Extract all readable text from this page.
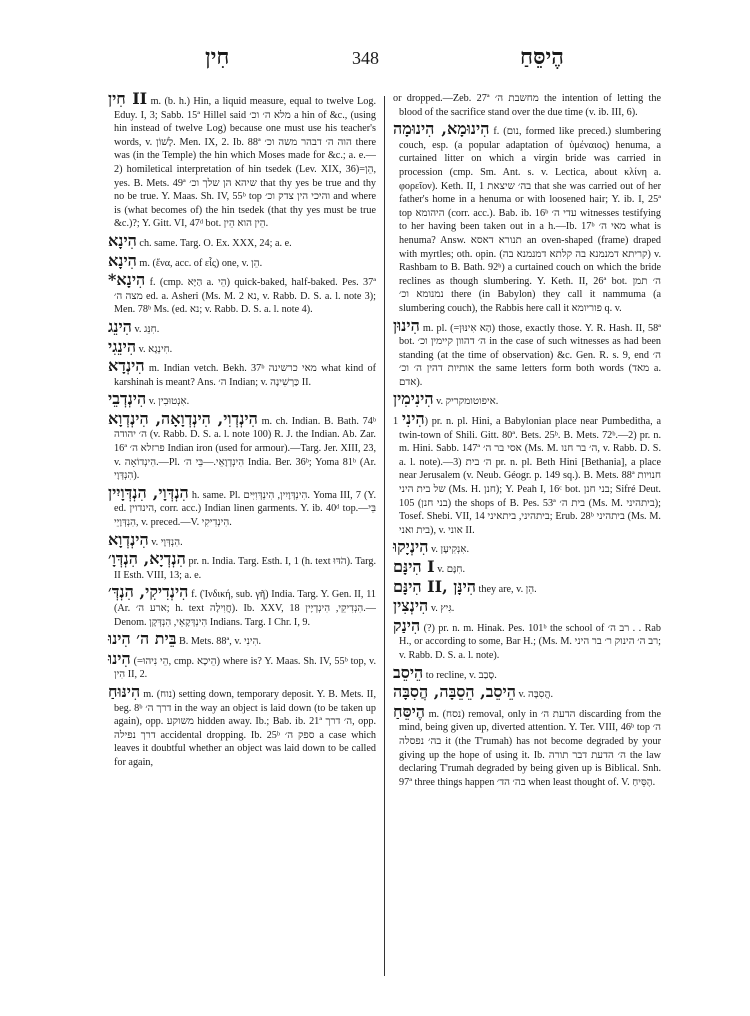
חִין	348	הֶיסֵּחַ
חִין II m. (b. h.) Hin, a liquid measure, equal to twelve Log. Eduy. I, 3; Sabb. 15ª Hillel said מלא ה׳ וכ׳ a hin of &c., (using hin instead of twelve Log) because one must use his teacher's words, v. לָשׁוֹן. Men. IX, 2. Ib. 88ª הוה ה׳ דבהר משה וכ׳ there was (in the Temple) the hin which Moses made for &c.; a. e.—2) homiletical interpretation of hin tsedek (Lev. XIX, 36)=הֵן, yes. B. Mets. 49ª שיהא הן שלך וכ׳ that thy yes be true and thy no be true. Y. Maas. Sh. IV, 55ᵇ top והיכי הין צדק וכ׳ and where is (what becomes of) the hin tsedek (that thy yes must be true &c.)?; Y. Gitt. VI, 47ᵈ bot. הֵין הוא הֵין.
הִינָא ch. same. Targ. O. Ex. XXX, 24; a. e.
הִינָא m. (ἕνα, acc. of εἷς) one, v. הֵן.
*הִינָא f. (cmp. הַיָּא a. הֵי) quick-baked, half-baked. Pes. 37ª מצה ה׳ ed. a. Asheri (Ms. M. 2 נא, v. Rabb. D. S. a. l. note 3); Men. 78ᵇ Ms. (ed. נא; v. Rabb. D. S. a. l. note 4).
הִינֵג v. חִנֵּג.
הִינֵגִי v. חִינְגָא.
הִינְדָא m. Indian vetch. Bekh. 37ᵇ מאי כרשינה what kind of karshinah is meant? Ans. ה׳ Indian; v. כַּרְשִׁינָה II.
הִינְדְבֵי v. אִנְטוּבִין.
הִינְדְוִי, הִינְדְוָאָה, הִינְדְוָא m. ch. Indian. B. Bath. 74ᵇ ה׳ יהודה (v. Rabb. D. S. a. l. note 100) R. J. the Indian. Ab. Zar. 16ª פרזלא ה׳ Indian iron (used for armour).—Targ. Jer. XIII, 23, v. הִינְדוֹאָה.—Pl. הִינְדְוָאֵי.—בֵּי ה׳ India. Ber. 36ᵇ; Yoma 81ᵇ (Ar. הִנְדְּוָי).
הִנְדְּוָי, הִנְדְּוָיִין h. same. Pl. הִינְדְּוָיִין, הִינְדְּוִיִּים. Yoma III, 7 (Y. ed. הינדוין, corr. acc.) Indian linen garments. Y. ib. 40ᵈ top.—בֵּי הִנְדְּוָיֵי, v. preced.—V. הִינְדִיקִי.
הִינְדְוָא v. הִנְדְּוָי.
הִנְדְיָא, הִנְדְּוָ׳ pr. n. India. Targ. Esth. I, 1 (h. text הֹדּוּ). Targ. II Esth. VIII, 13; a. e.
הִינְדִיקִי, הִנְדְּ׳ f. (Ἰνδική, sub. γῆ) India. Targ. Y. Gen. II, 11 (Ar. ארע ה׳; h. text חֲוִילָה). Ib. XXV, 18 הִנְדִיקֵי, הִינְדְיָין.—Denom. הִינְדְּקָאֵי, הִנְדְּקָן Indians. Targ. I Chr. I, 9.
בֵּית ה׳ הִינוּ B. Mets. 88ª, v. הִינִי.
הִינוּ (=הֵי נִיהוּ, cmp. הֵיכָא) where is? Y. Maas. Sh. IV, 55ᵇ top, v. הִין II, 2.
הִינּוּחַ m. (נוח) setting down, temporary deposit. Y. B. Mets. II, beg. 8ᵇ דרך ה׳ in the way an object is laid down (to be taken up again), opp. משוקע hidden away. Ib.; Bab. ib. 21ª ה׳ דרך, opp. דרך נפילה accidental dropping. Ib. 25ᵇ ספק ה׳ a case which leaves it doubtful whether an object was laid down to be called for again,
or dropped.—Zeb. 27ª מחשבת ה׳ the intention of letting the blood of the sacrifice stand over the due time (v. ib. III, 6).
הִינוּמָא, הִינוּמָה f. (נום, formed like preced.) slumbering couch, esp. (a popular adaptation of ὑμέναιος) henuma, a curtained litter on which a virgin bride was carried in procession (cmp. Sm. Ant. s. v. Lectica, about κλίνη a. φορεῖον). Keth. II, 1 בה׳ שיצאת that she was carried out of her father's home in a henuma or with loosened hair; Y. ib. I, 25ª top היהומא (corr. acc.). Bab. ib. 16ᵇ עדי ה׳ witnesses testifying to her having been taken out in a h.—Ib. 17ᵇ מאי ה׳ what is henuma? Answ. תנורא דאסא an oven-shaped (frame) draped with myrtles; oth. opin. (קריתא דמנמנא בה קלתא דמנמנא בה) v. Rashbam to B. Bath. 92ᵇ) a curtained couch on which the bride reclines as though slumbering. Y. Keth. II, 26ª bot. ה׳ תמן נמנומא וכ׳ there (in Babylon) they call it nammuma (a slumbering couch), the Rabbis here call it פוריומא q. v.
הִינוּן m. pl. (=הָא אִינּוּן) those, exactly those. Y. R. Hash. II, 58ª bot. ה׳ דהוון קיימין וכ׳ in the case of such witnesses as had been standing (at the time of observation) &c. Gen. R. s. 9, end ה׳ אותיות דהין ה׳ וכ׳ the same letters form both words (מאד a. אדם).
הִינִימִין v. איפוטומקריק.
הִינִי 1) pr. n. pl. Hini, a Babylonian place near Pumbeditha, a twin-town of Shili. Gitt. 80ª. Bets. 25ᵇ. B. Mets. 72ᵇ.—2) pr. n. m. Hini. Sabb. 147ª אסי בר ה׳ (Ms. M. ה׳ בר חנו, v. Rabb. D. S. a. l. note).—3) ה׳ בית pr. n. pl. Beth Hini [Bethania], a place near Jerusalem (v. Neub. Géogr. p. 149 sq.). B. Mets. 88ª חנויות של בית היני (Ms. H. חנן); Y. Peah I, 16ᶜ bot. בני חנן; Sifré Deut. 105 (בני חנן) the shops of B. Pes. 53ª בית ה׳ (Ms. M. ביתהיני); Tosef. Shebi. VII, 14 ביתהיני, ביתאיני; Erub. 28ᵇ ביתהיני (Ms. M. בית ואני), v. אוני II.
הִינְיָקוּ v. אִנְקִיעָן.
הִינָּם I v. חִנָּם.
הִינָּם II, הִינָּן they are, v. הֵן.
הִינְצִין v. גִּיץ.
הִינַק (?) pr. n. m. Hinak. Pes. 101ᵇ the school of רב ה׳ . . Rab H., or according to some, Bar H.; (Ms. M. רב ה׳ הינוק ר׳ בר היני; v. Rabb. D. S. a. l. note).
הֵיסֵב to recline, v. סָבַב.
הֵיסֵב, הֵסֵבָּה, הֲסִבָּה v. הֲסִבָּה.
הֶיסֵּחַ m. (נסח) removal, only in הדעת ה׳ discarding from the mind, being given up, diverted attention. Y. Ter. VIII, 46ᵇ top ה׳ בה׳ נפסלה it (the T'rumah) has not become degraded by your giving up the hope of using it. Ib. ה׳ הדעת דבר תורה the law declaring T'rumah degraded by being given up is Biblical. Snh. 97ª three things happen בה׳ הד׳ when least thought of. V. הֶסֵּיחַ.
